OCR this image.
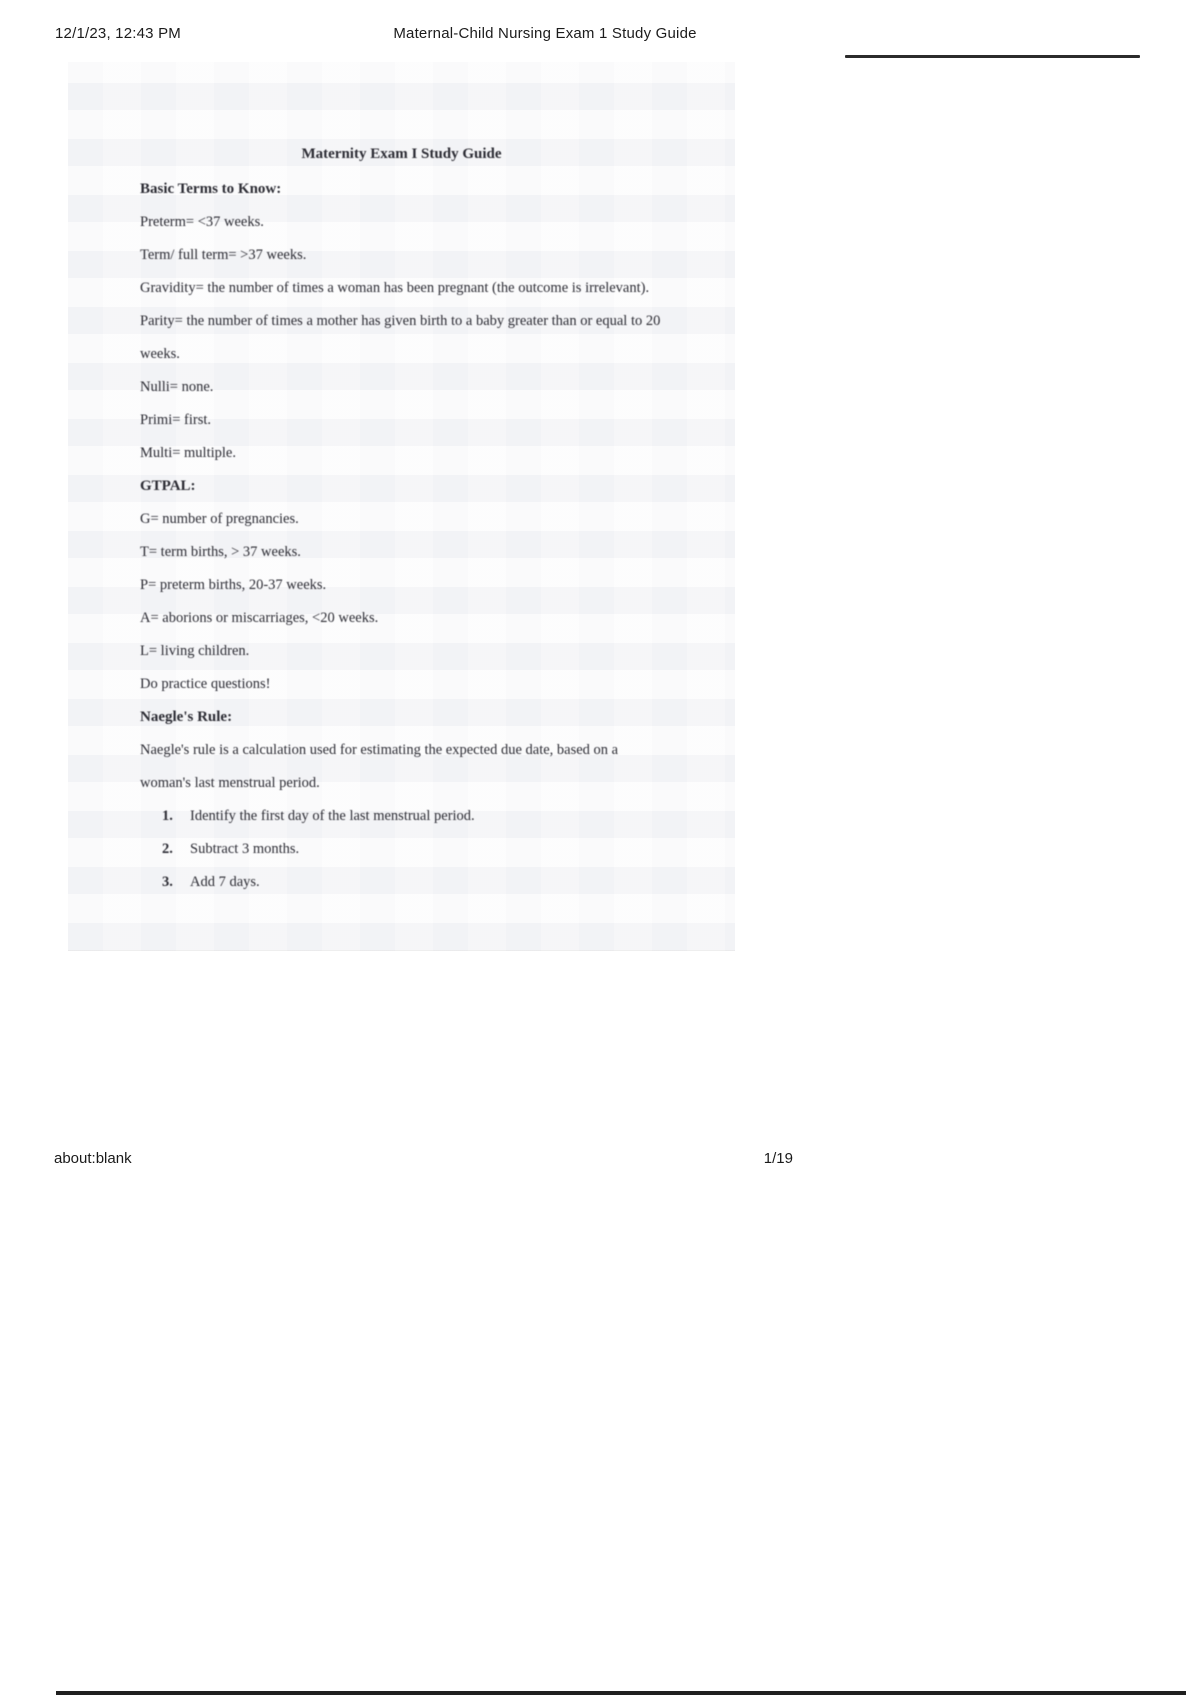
12/1/23, 12:43 PM	Maternal-Child Nursing Exam 1 Study Guide
Maternity Exam I Study Guide
Basic Terms to Know:
Preterm= <37 weeks.
Term/ full term= >37 weeks.
Gravidity= the number of times a woman has been pregnant (the outcome is irrelevant).
Parity= the number of times a mother has given birth to a baby greater than or equal to 20
weeks.
Nulli= none.
Primi= first.
Multi= multiple.
GTPAL:
G= number of pregnancies.
T= term births, > 37 weeks.
P= preterm births, 20-37 weeks.
A= aborions or miscarriages, <20 weeks.
L= living children.
Do practice questions!
Naegle's Rule:
Naegle's rule is a calculation used for estimating the expected due date, based on a
woman's last menstrual period.
1. Identify the first day of the last menstrual period.
2. Subtract 3 months.
3. Add 7 days.
about:blank	1/19
